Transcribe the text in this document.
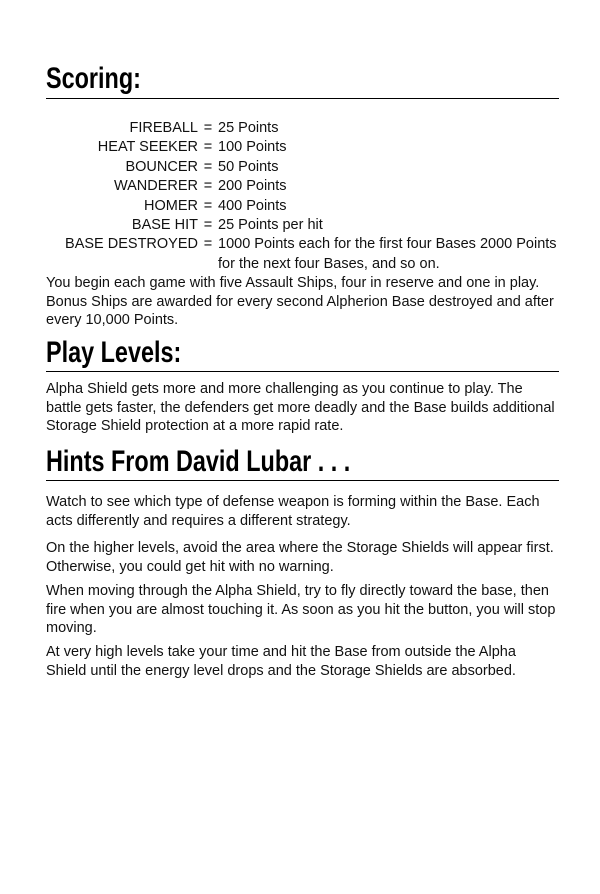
Scoring:
FIREBALL = 25 Points
HEAT SEEKER = 100 Points
BOUNCER = 50 Points
WANDERER = 200 Points
HOMER = 400 Points
BASE HIT = 25 Points per hit
BASE DESTROYED = 1000 Points each for the first four Bases 2000 Points for the next four Bases, and so on.

You begin each game with five Assault Ships, four in reserve and one in play. Bonus Ships are awarded for every second Alpherion Base destroyed and after every 10,000 Points.

Play Levels:

Alpha Shield gets more and more challenging as you continue to play. The battle gets faster, the defenders get more deadly and the Base builds additional Storage Shield protection at a more rapid rate.

Hints From David Lubar . . .

Watch to see which type of defense weapon is forming within the Base. Each acts differently and requires a different strategy.

On the higher levels, avoid the area where the Storage Shields will appear first. Otherwise, you could get hit with no warning.

When moving through the Alpha Shield, try to fly directly toward the base, then fire when you are almost touching it. As soon as you hit the button, you will stop moving.

At very high levels take your time and hit the Base from outside the Alpha Shield until the energy level drops and the Storage Shields are absorbed.
